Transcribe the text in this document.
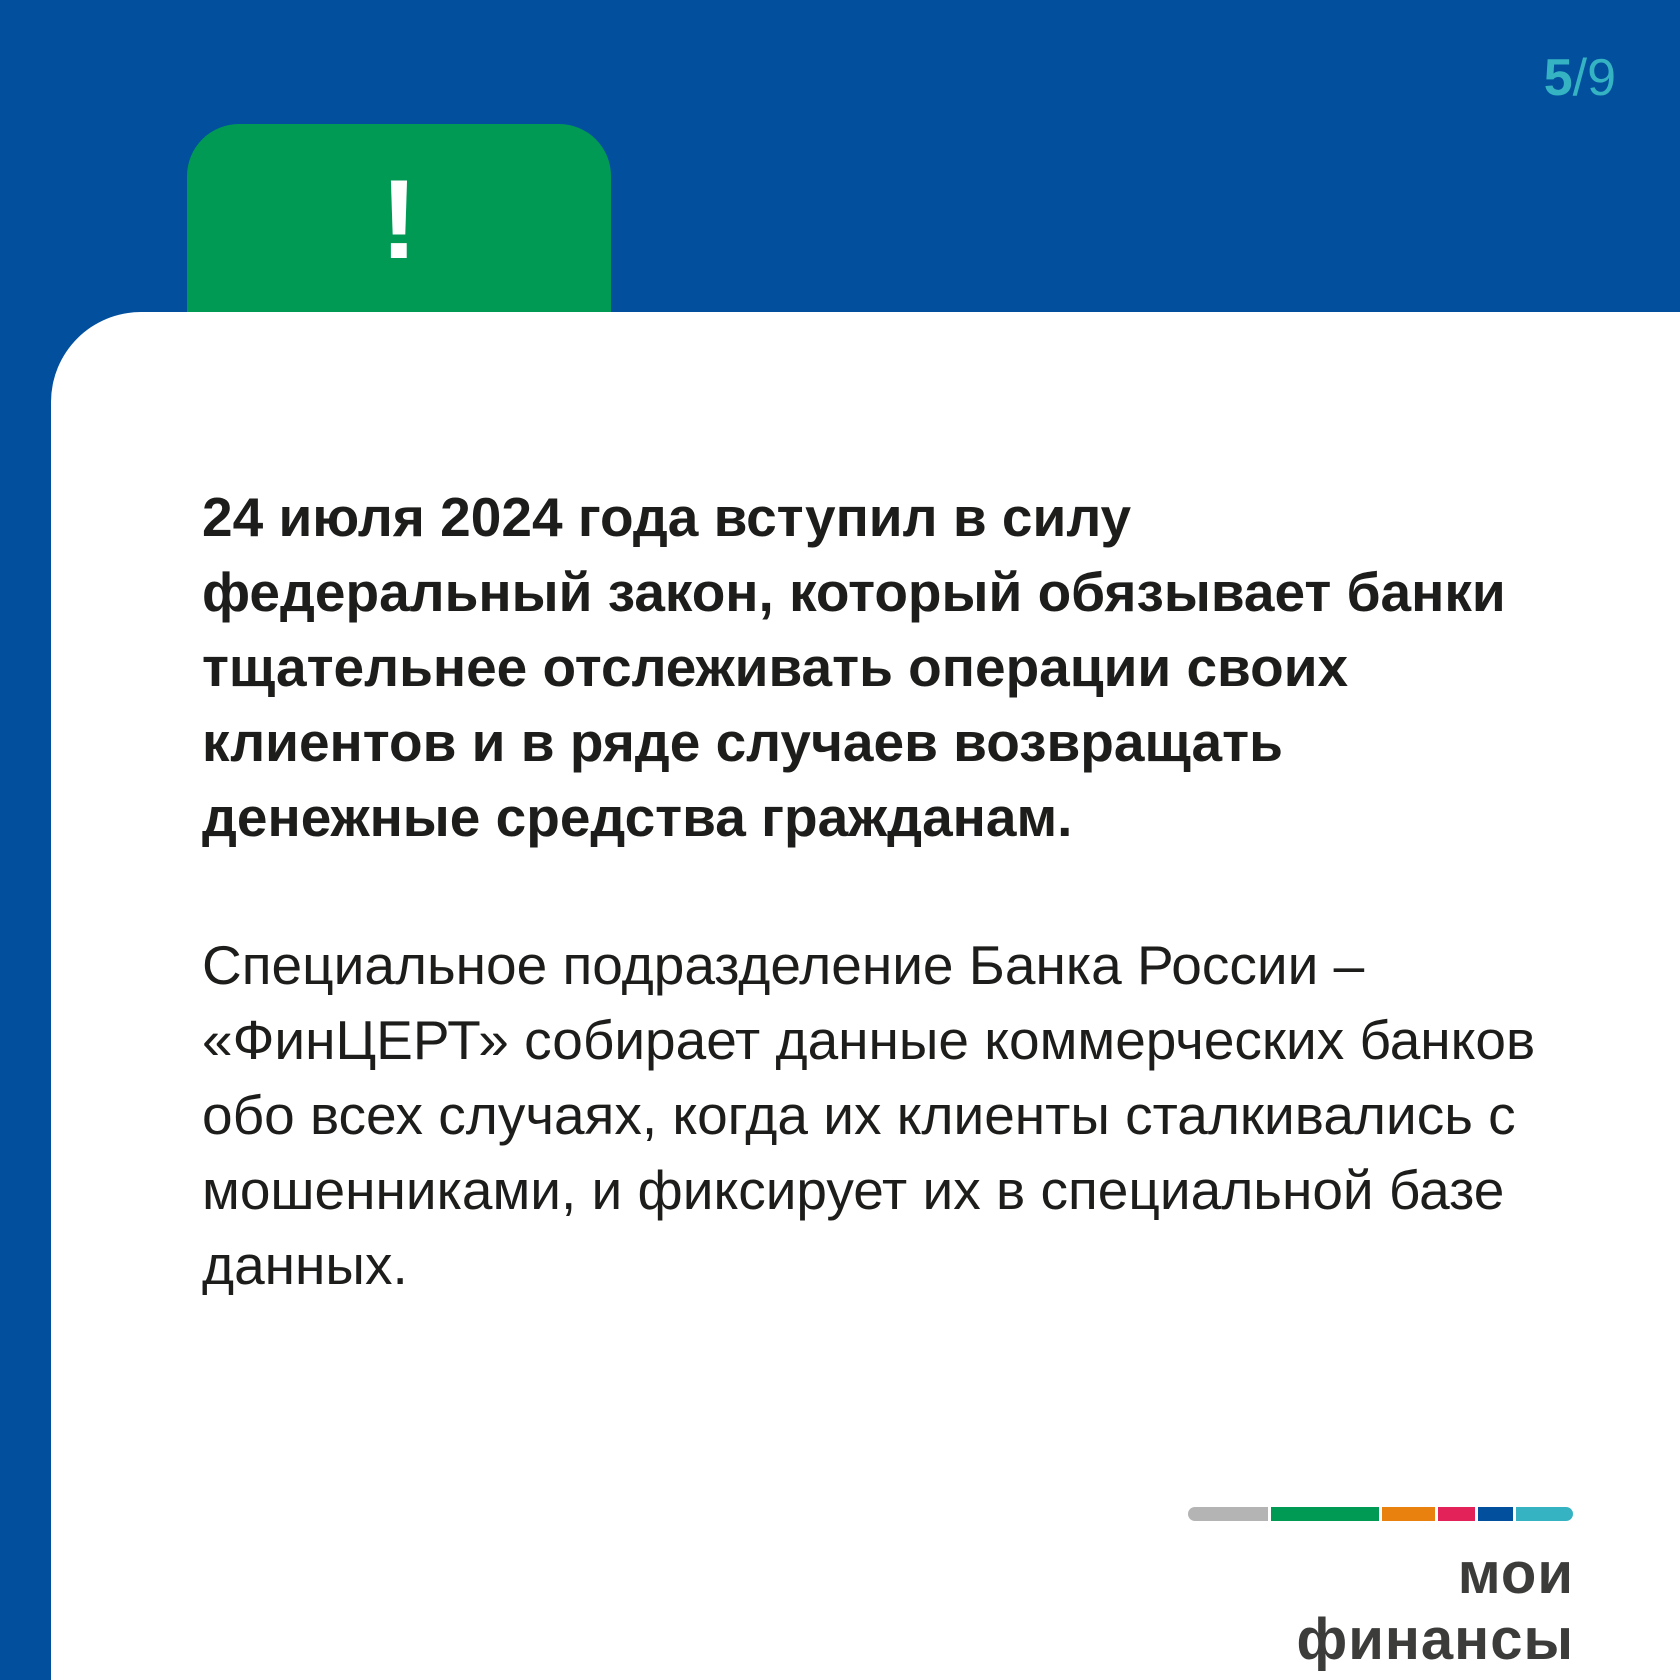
5/9
!

24 июля 2024 года вступил в силу федеральный закон, который обязывает банки тщательнее отслеживать операции своих клиентов и в ряде случаев возвращать денежные средства гражданам.

Специальное подразделение Банка России – «ФинЦЕРТ» собирает данные коммерческих банков обо всех случаях, когда их клиенты сталкивались с мошенниками, и фиксирует их в специальной базе данных.

мои финансы
